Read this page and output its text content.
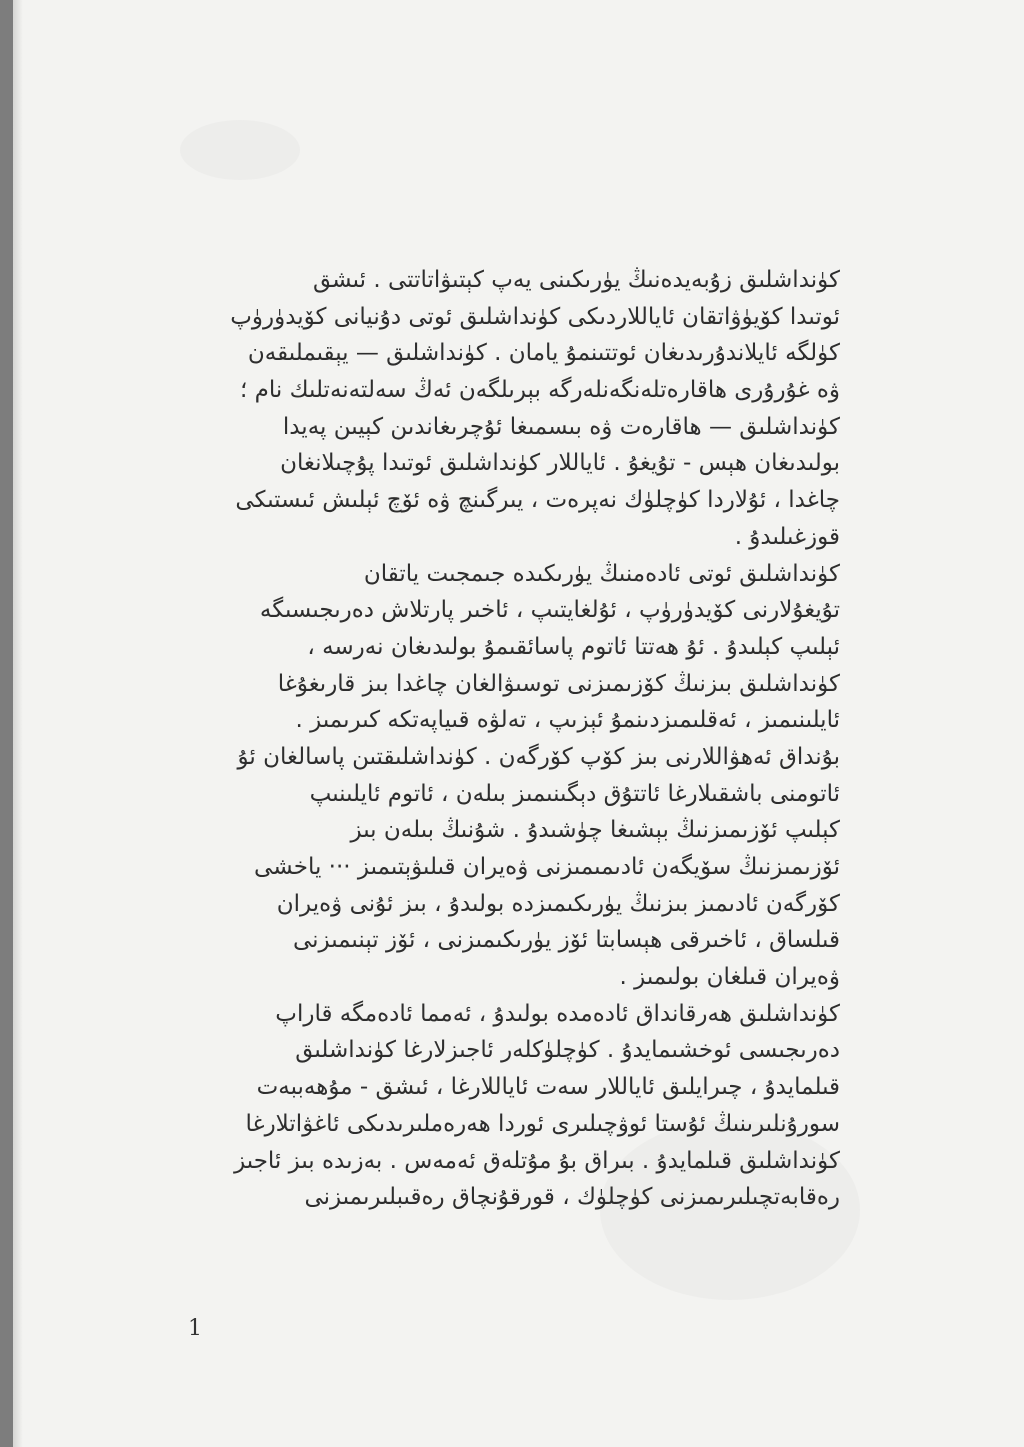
كۈنداشلىق زۇبەيدەنىڭ يۈرىكىنى يەپ كېتىۋاتاتتى . ئىشق
ئوتىدا كۆيۈۋاتقان ئاياللاردىكى كۈنداشلىق ئوتى دۇنيانى كۆيدۈرۈپ
كۈلگە ئايلاندۇرىدىغان ئوتتىنمۇ يامان . كۈنداشلىق — يېقىملىقەن
ۋە غۇرۇرى ھاقارەتلەنگەنلەرگە بېرىلگەن ئەڭ سەلتەنەتلىك نام ؛
كۈنداشلىق — ھاقارەت ۋە بىسمىغا ئۇچرىغاندىن كېيىن پەيدا
بولىدىغان ھېس - تۇيغۇ . ئاياللار كۈنداشلىق ئوتىدا پۇچىلانغان
چاغدا ، ئۇلاردا كۈچلۈك نەپرەت ، يىرگىنچ ۋە ئۆچ ئېلىش ئىستىكى
قوزغىلىدۇ .
كۈنداشلىق ئوتى ئادەمنىڭ يۈرىكىدە جىمجىت ياتقان
تۇيغۇلارنى كۆيدۈرۈپ ، ئۇلغايتىپ ، ئاخىر پارتلاش دەرىجىسىگە
ئېلىپ كېلىدۇ . ئۇ ھەتتا ئاتوم پاسائقىمۇ بولىدىغان نەرسە ،
كۈنداشلىق بىزنىڭ كۆزىمىزنى توسىۋالغان چاغدا بىز قارىغۇغا
ئايلىنىمىز ، ئەقلىمىزدىنمۇ ئېزىپ ، تەلۋە قىياپەتكە كىرىمىز .
بۇنداق ئەھۋاللارنى بىز كۆپ كۆرگەن . كۈنداشلىقتىن پاسالغان ئۇ
ئاتومنى باشقىلارغا ئاتتۇق دېگىنىمىز بىلەن ، ئاتوم ئايلىنىپ
كېلىپ ئۆزىمىزنىڭ بېشىغا چۈشىدۇ . شۇنىڭ بىلەن بىز
ئۆزىمىزنىڭ سۆيگەن ئادىمىمىزنى ۋەيران قىلىۋېتىمىز ··· ياخشى
كۆرگەن ئادىمىز بىزنىڭ يۈرىكىمىزدە بولىدۇ ، بىز ئۇنى ۋەيران
قىلساق ، ئاخىرقى ھېسابتا ئۆز يۈرىكىمىزنى ، ئۆز تېنىمىزنى
ۋەيران قىلغان بولىمىز .
كۈنداشلىق ھەرقانداق ئادەمدە بولىدۇ ، ئەمما ئادەمگە قاراپ
دەرىجىسى ئوخشىمايدۇ . كۈچلۈكلەر ئاجىزلارغا كۈنداشلىق
قىلمايدۇ ، چىرايلىق ئاياللار سەت ئاياللارغا ، ئىشق - مۇھەببەت
سورۇنلىرىنىڭ ئۇستا ئوۋچىلىرى ئوردا ھەرەملىرىدىكى ئاغۋاتلارغا
كۈنداشلىق قىلمايدۇ . بىراق بۇ مۇتلەق ئەمەس . بەزىدە بىز ئاجىز
رەقابەتچىلىرىمىزنى كۈچلۈك ، قورقۇنچاق رەقىبلىرىمىزنى
1
